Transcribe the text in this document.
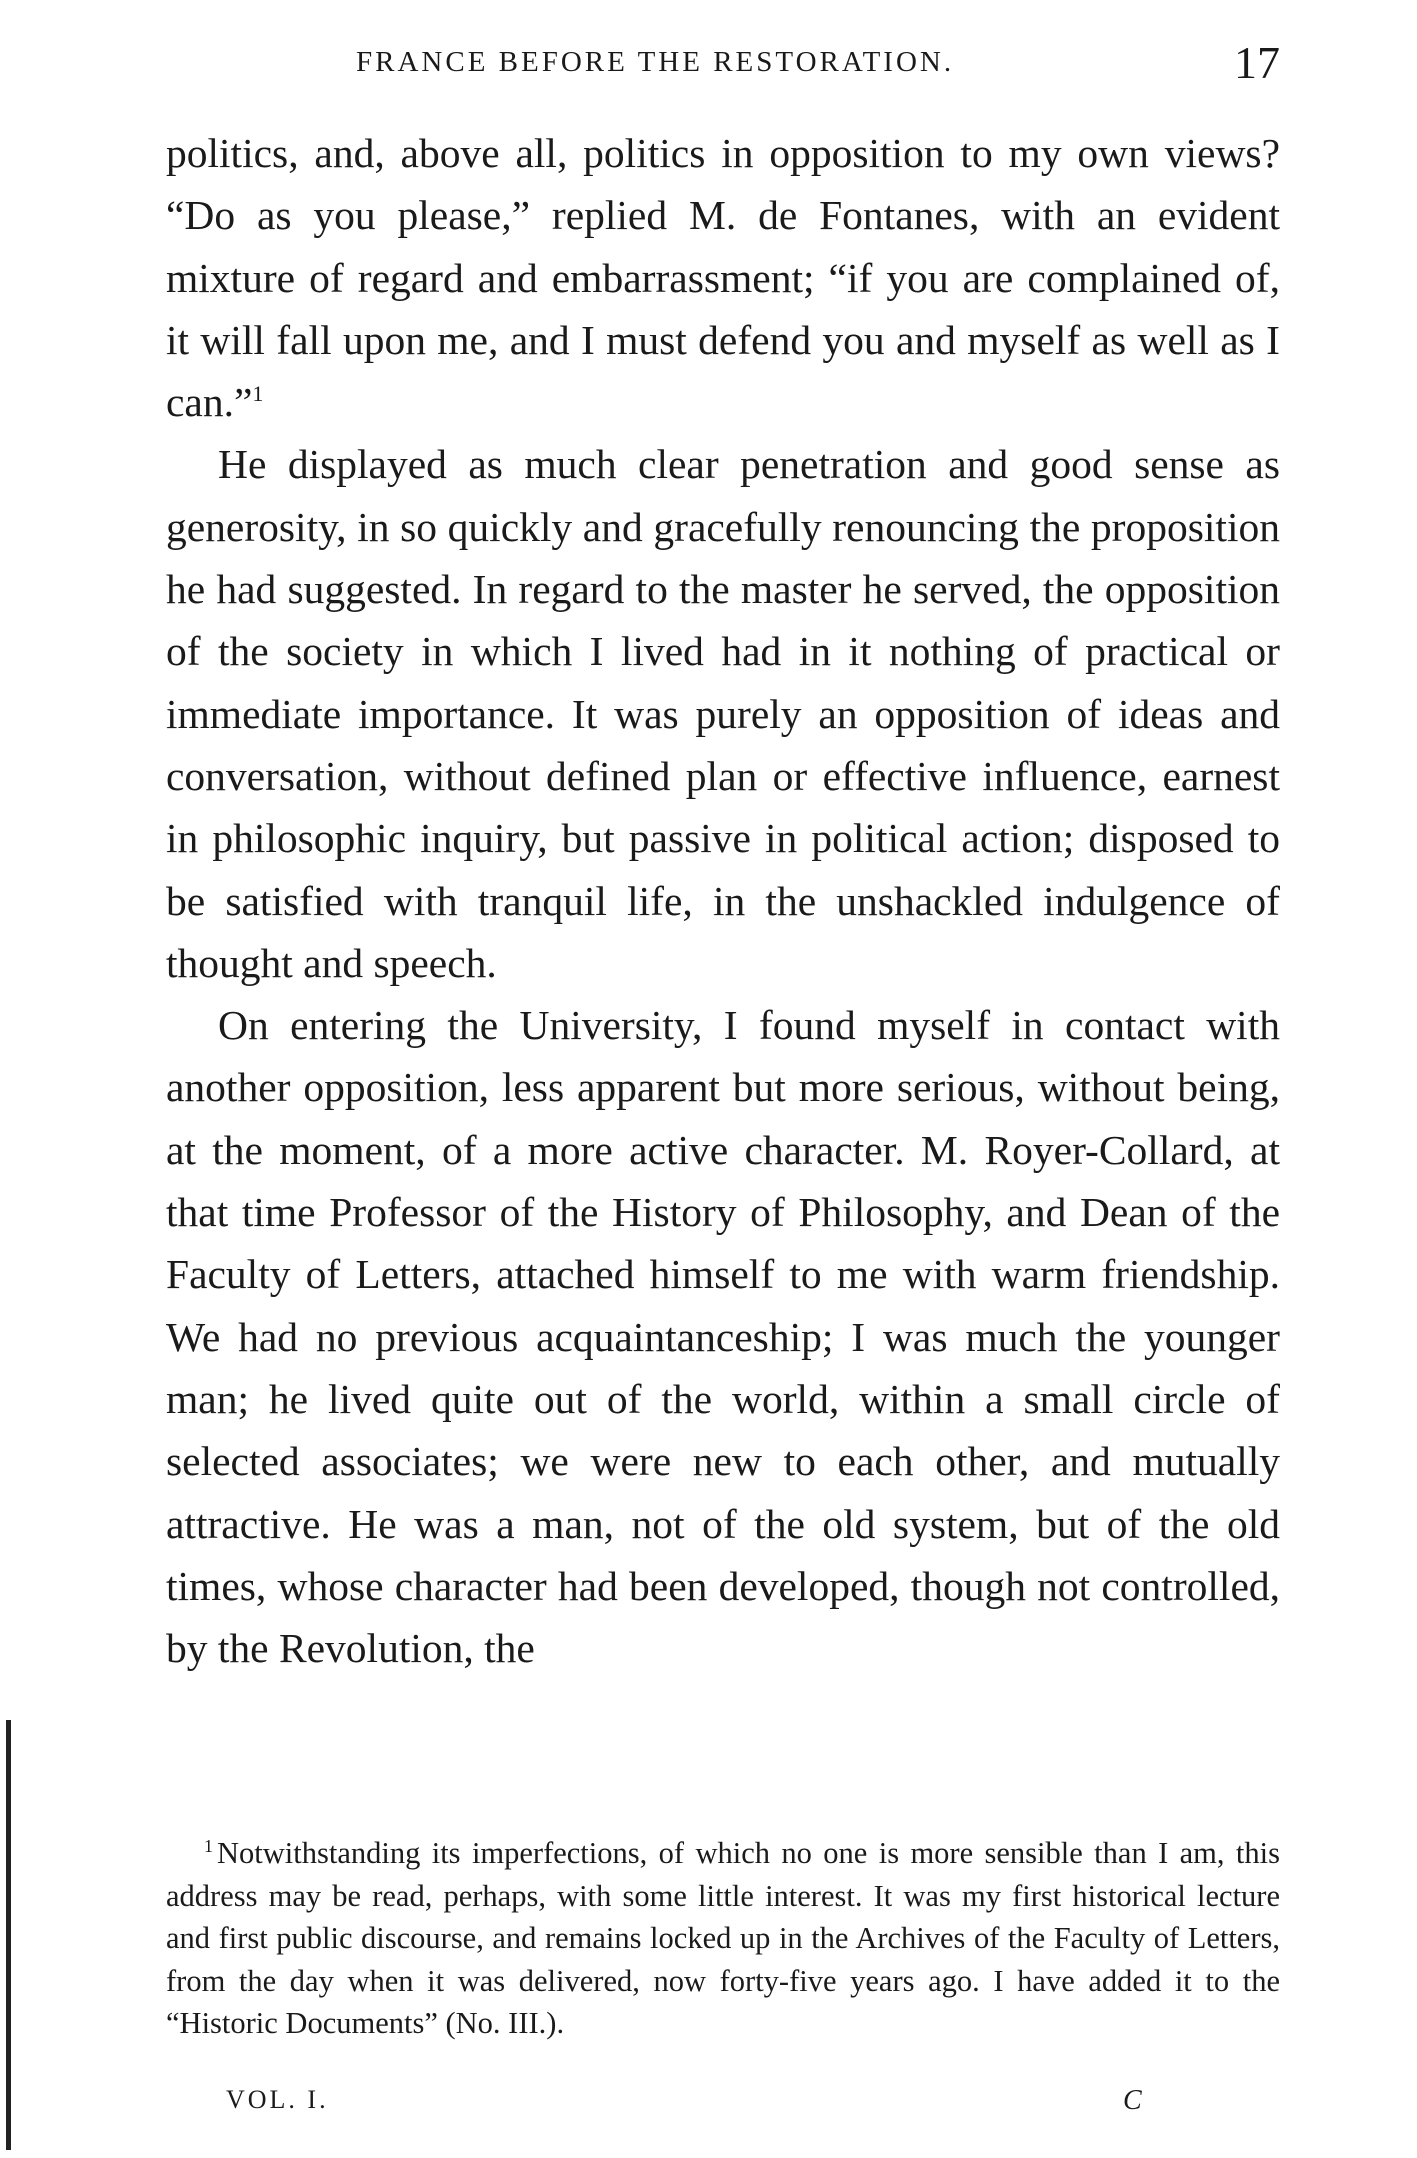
FRANCE BEFORE THE RESTORATION.	17

politics, and, above all, politics in opposition to my own views? “Do as you please,” replied M. de Fontanes, with an evident mixture of regard and embarrassment; “if you are complained of, it will fall upon me, and I must defend you and myself as well as I can.”$^1$

He displayed as much clear penetration and good sense as generosity, in so quickly and gracefully renouncing the proposition he had suggested. In regard to the master he served, the opposition of the society in which I lived had in it nothing of practical or immediate importance. It was purely an opposition of ideas and conversation, without defined plan or effective influence, earnest in philosophic inquiry, but passive in political action; disposed to be satisfied with tranquil life, in the unshackled indulgence of thought and speech.

On entering the University, I found myself in contact with another opposition, less apparent but more serious, without being, at the moment, of a more active character. M. Royer-Collard, at that time Professor of the History of Philosophy, and Dean of the Faculty of Letters, attached himself to me with warm friendship. We had no previous acquaintanceship; I was much the younger man; he lived quite out of the world, within a small circle of selected associates; we were new to each other, and mutually attractive. He was a man, not of the old system, but of the old times, whose character had been developed, though not controlled, by the Revolution, the

$^1$ Notwithstanding its imperfections, of which no one is more sensible than I am, this address may be read, perhaps, with some little interest. It was my first historical lecture and first public discourse, and remains locked up in the Archives of the Faculty of Letters, from the day when it was delivered, now forty-five years ago. I have added it to the “Historic Documents” (No. III.).

VOL. I.	C
